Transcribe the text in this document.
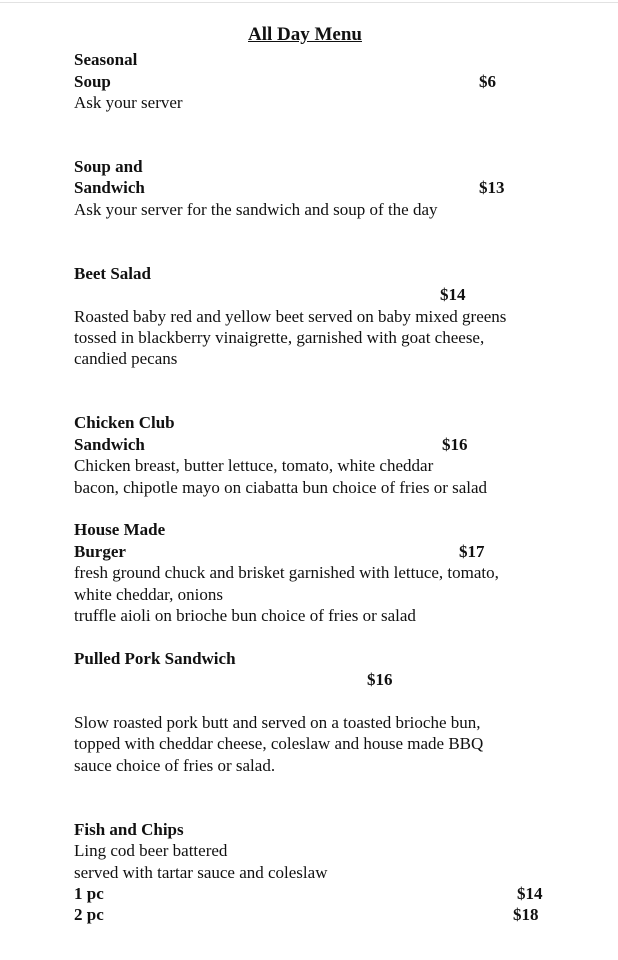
All Day Menu
Seasonal
Soup	$6
Ask your server
Soup and
Sandwich	$13
Ask your server for the sandwich and soup of the day
Beet Salad
$14
Roasted baby red and yellow beet served on baby mixed greens
tossed in blackberry vinaigrette, garnished with goat cheese,
candied pecans
Chicken Club
Sandwich	$16
Chicken breast, butter lettuce, tomato, white cheddar
bacon, chipotle mayo on ciabatta bun choice of fries or salad
House Made
Burger	$17
fresh ground chuck and brisket garnished with lettuce, tomato,
white cheddar, onions
truffle aioli on brioche bun choice of fries or salad
Pulled Pork Sandwich
$16
Slow roasted pork butt and served on a toasted brioche bun,
topped with cheddar cheese, coleslaw and house made BBQ
sauce choice of fries or salad.
Fish and Chips
Ling cod beer battered
served with tartar sauce and coleslaw
1 pc	$14
2 pc	$18
